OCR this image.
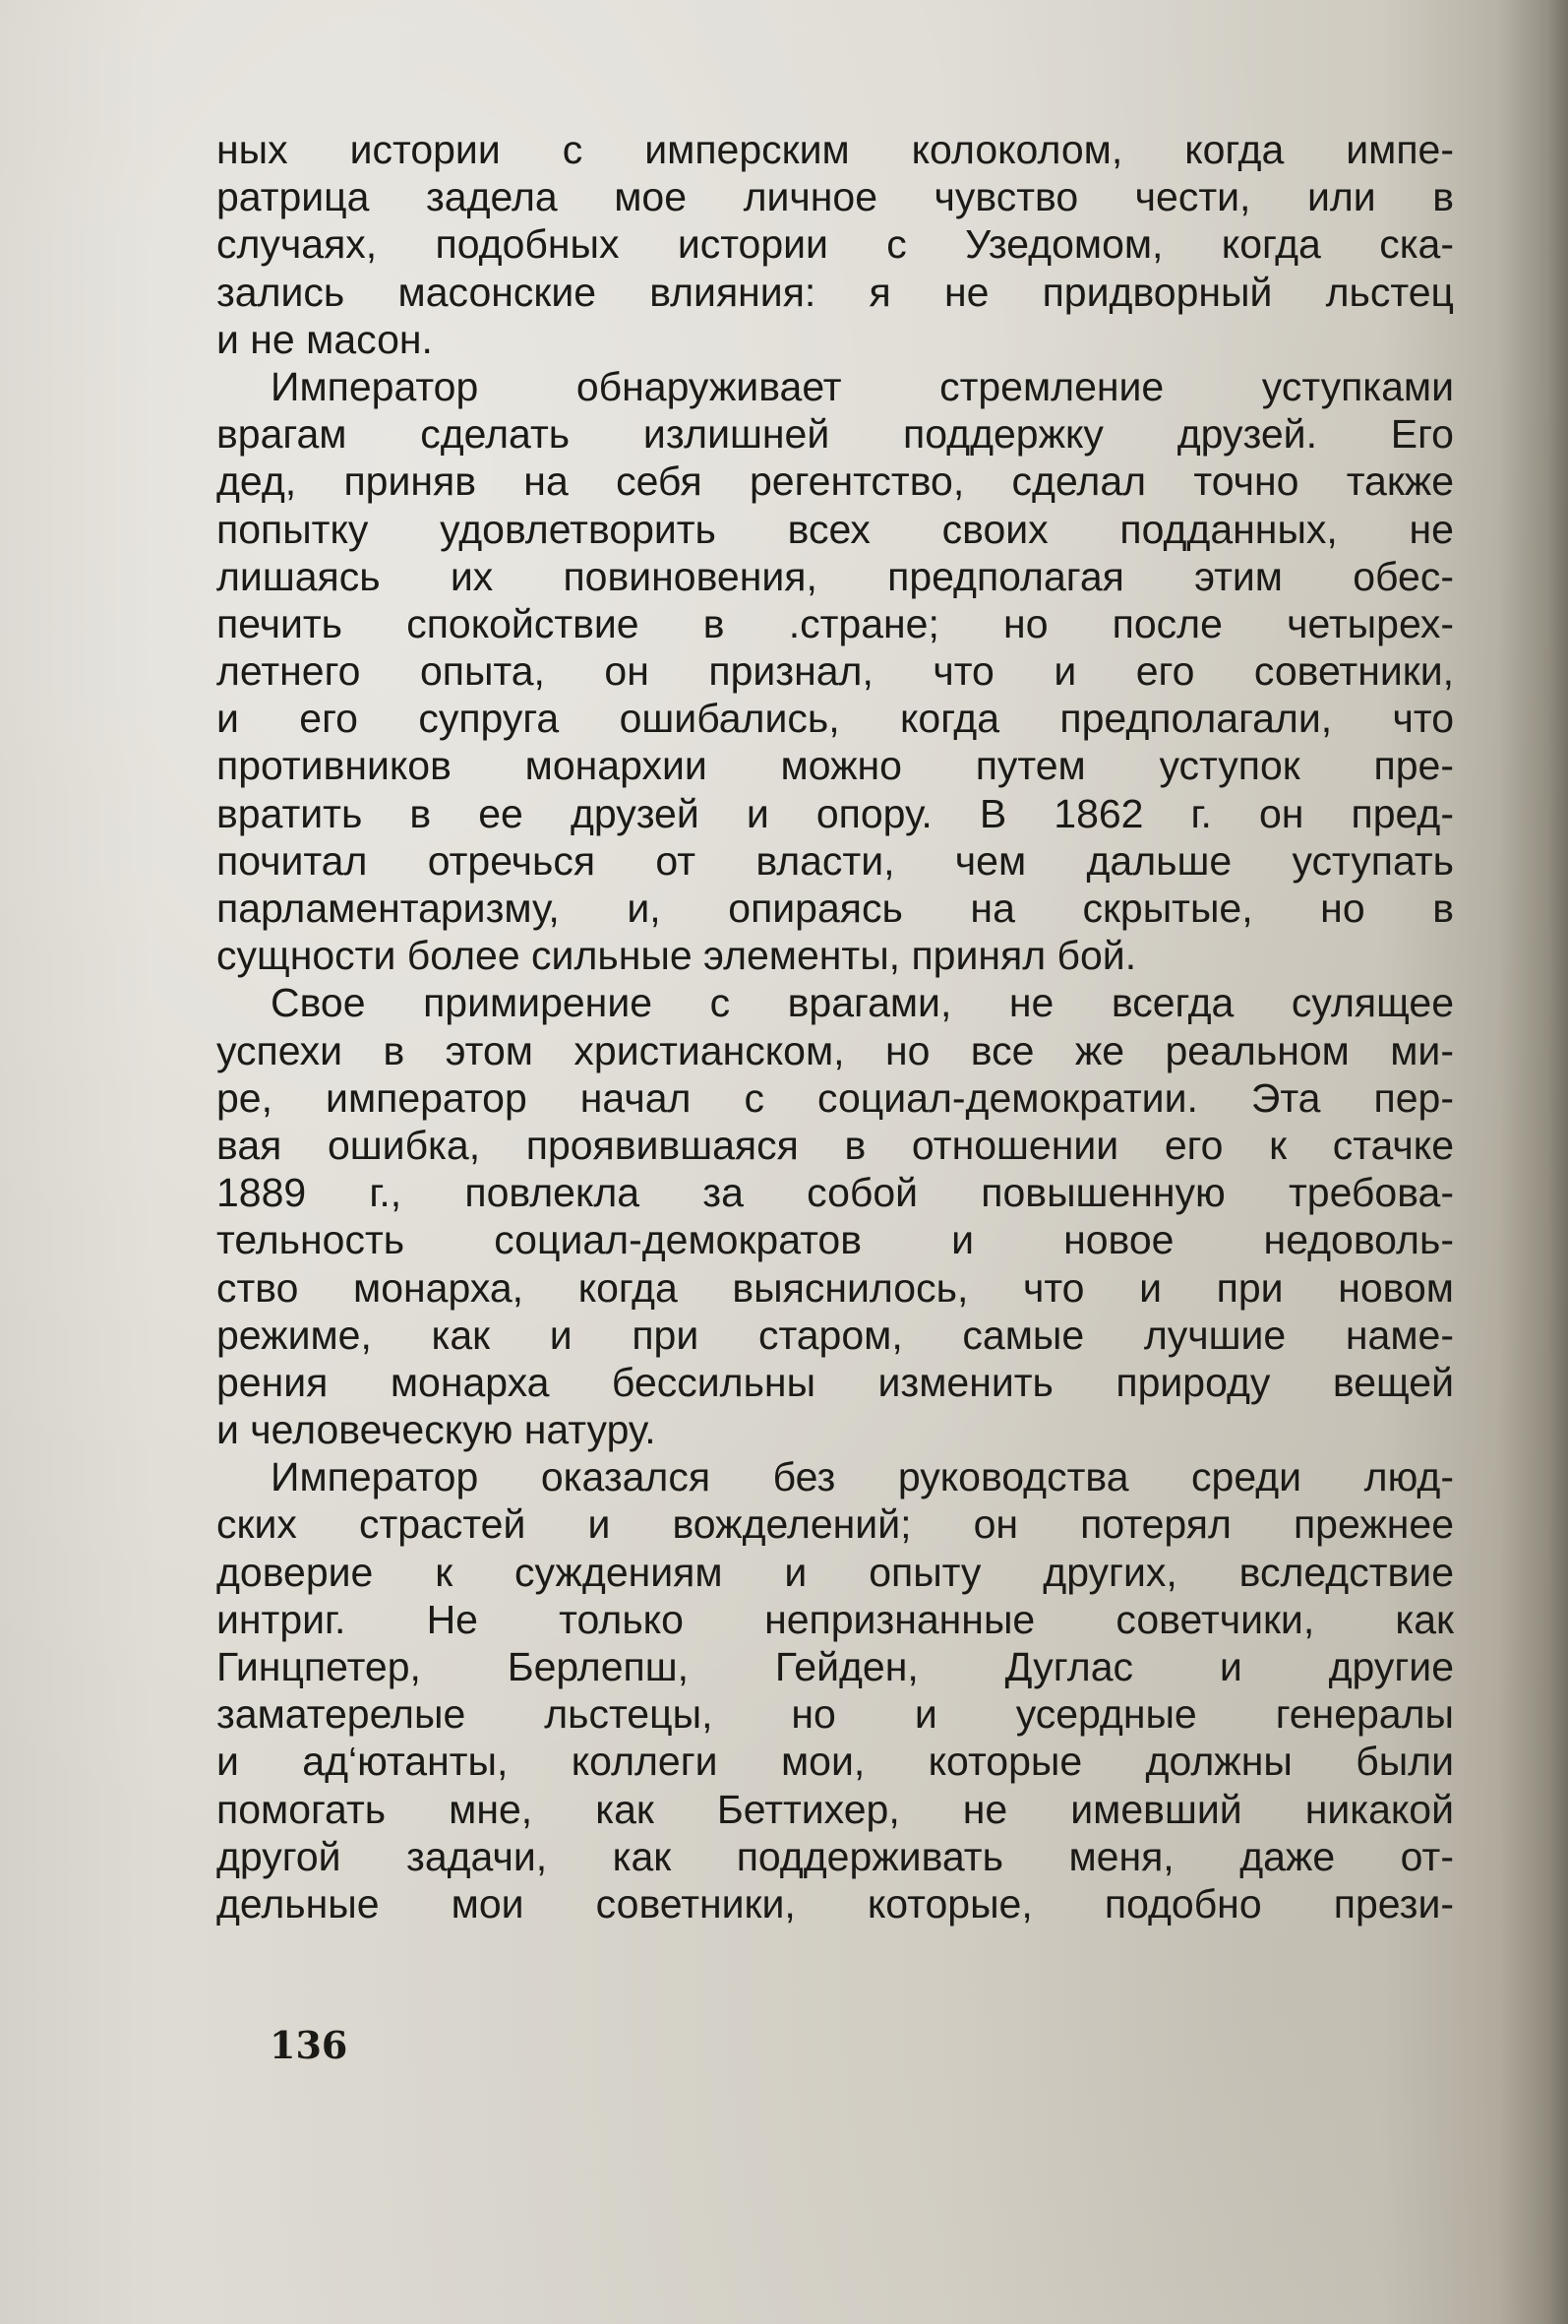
ных истории с имперским колоколом, когда импе-
ратрица задела мое личное чувство чести, или в
случаях, подобных истории с Узедомом, когда ска-
зались масонские влияния: я не придворный льстец
и не масон.
Император обнаруживает стремление уступками
врагам сделать излишней поддержку друзей. Его
дед, приняв на себя регентство, сделал точно также
попытку удовлетворить всех своих подданных, не
лишаясь их повиновения, предполагая этим обес-
печить спокойствие в .стране; но после четырех-
летнего опыта, он признал, что и его советники,
и его супруга ошибались, когда предполагали, что
противников монархии можно путем уступок пре-
вратить в ее друзей и опору. В 1862 г. он пред-
почитал отречься от власти, чем дальше уступать
парламентаризму, и, опираясь на скрытые, но в
сущности более сильные элементы, принял бой.
Свое примирение с врагами, не всегда сулящее
успехи в этом христианском, но все же реальном ми-
ре, император начал с социал-демократии. Эта пер-
вая ошибка, проявившаяся в отношении его к стачке
1889 г., повлекла за собой повышенную требова-
тельность социал-демократов и новое недоволь-
ство монарха, когда выяснилось, что и при новом
режиме, как и при старом, самые лучшие наме-
рения монарха бессильны изменить природу вещей
и человеческую натуру.
Император оказался без руководства среди люд-
ских страстей и вожделений; он потерял прежнее
доверие к суждениям и опыту других, вследствие
интриг. Не только непризнанные советчики, как
Гинцпетер, Берлепш, Гейден, Дуглас и другие
заматерелые льстецы, но и усердные генералы
и ад‘ютанты, коллеги мои, которые должны были
помогать мне, как Беттихер, не имевший никакой
другой задачи, как поддерживать меня, даже от-
дельные мои советники, которые, подобно прези-
136
